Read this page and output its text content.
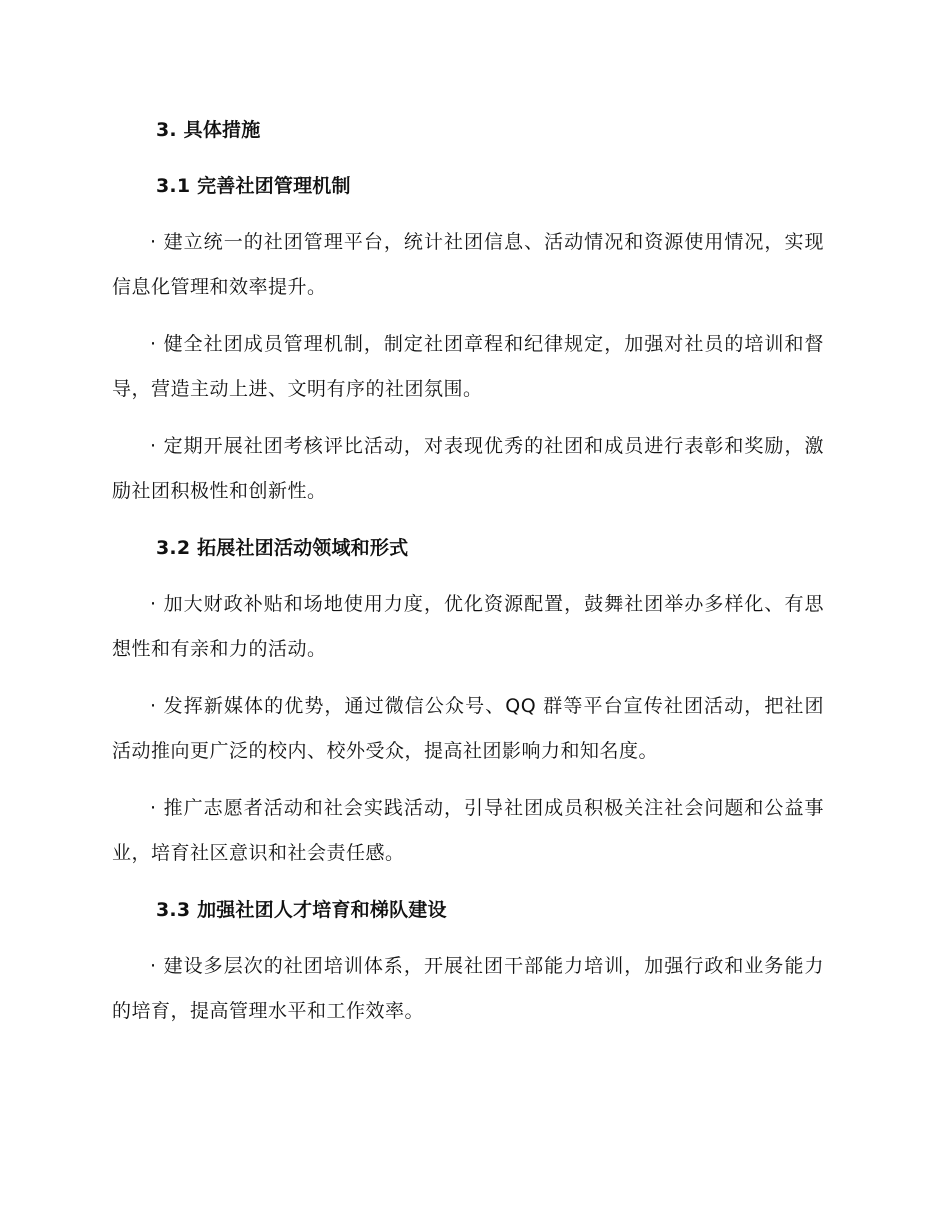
3. 具体措施
3.1 完善社团管理机制

· 建立统一的社团管理平台，统计社团信息、活动情况和资源使用情况，实现信息化管理和效率提升。

· 健全社团成员管理机制，制定社团章程和纪律规定，加强对社员的培训和督导，营造主动上进、文明有序的社团氛围。

· 定期开展社团考核评比活动，对表现优秀的社团和成员进行表彰和奖励，激励社团积极性和创新性。

3.2 拓展社团活动领域和形式

· 加大财政补贴和场地使用力度，优化资源配置，鼓舞社团举办多样化、有思想性和有亲和力的活动。

· 发挥新媒体的优势，通过微信公众号、QQ 群等平台宣传社团活动，把社团活动推向更广泛的校内、校外受众，提高社团影响力和知名度。

· 推广志愿者活动和社会实践活动，引导社团成员积极关注社会问题和公益事业，培育社区意识和社会责任感。

3.3 加强社团人才培育和梯队建设

· 建设多层次的社团培训体系，开展社团干部能力培训，加强行政和业务能力的培育，提高管理水平和工作效率。
